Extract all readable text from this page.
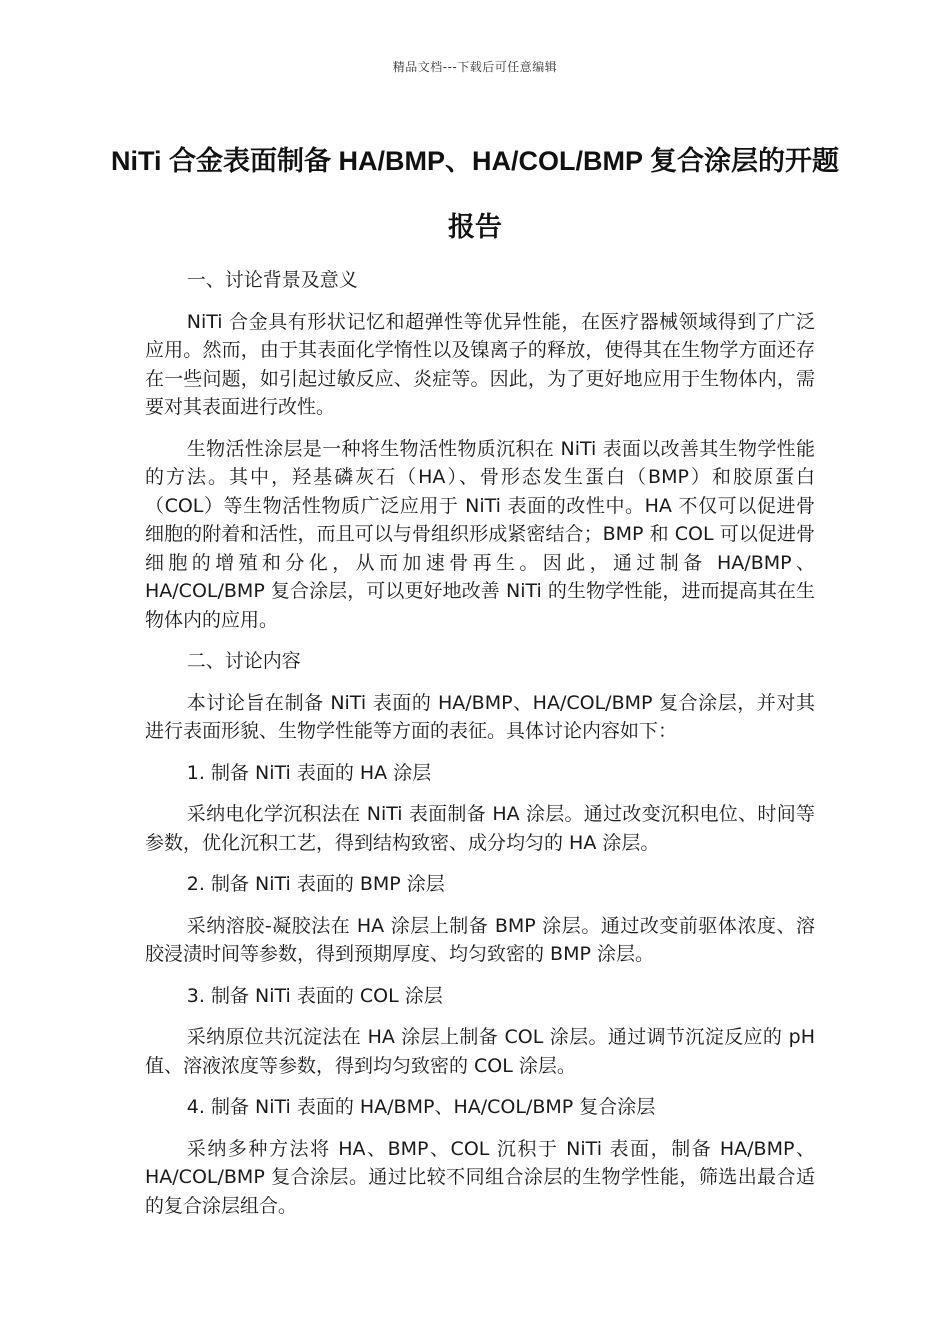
精品文档---下载后可任意编辑
NiTi 合金表面制备 HA/BMP、HA/COL/BMP 复合涂层的开题报告

一、讨论背景及意义

NiTi 合金具有形状记忆和超弹性等优异性能，在医疗器械领域得到了广泛应用。然而，由于其表面化学惰性以及镍离子的释放，使得其在生物学方面还存在一些问题，如引起过敏反应、炎症等。因此，为了更好地应用于生物体内，需要对其表面进行改性。

生物活性涂层是一种将生物活性物质沉积在 NiTi 表面以改善其生物学性能的方法。其中，羟基磷灰石（HA）、骨形态发生蛋白（BMP）和胶原蛋白（COL）等生物活性物质广泛应用于 NiTi 表面的改性中。HA 不仅可以促进骨细胞的附着和活性，而且可以与骨组织形成紧密结合；BMP 和 COL 可以促进骨细胞的增殖和分化，从而加速骨再生。因此，通过制备 HA/BMP、HA/COL/BMP 复合涂层，可以更好地改善 NiTi 的生物学性能，进而提高其在生物体内的应用。

二、讨论内容

本讨论旨在制备 NiTi 表面的 HA/BMP、HA/COL/BMP 复合涂层，并对其进行表面形貌、生物学性能等方面的表征。具体讨论内容如下：

1. 制备 NiTi 表面的 HA 涂层

采纳电化学沉积法在 NiTi 表面制备 HA 涂层。通过改变沉积电位、时间等参数，优化沉积工艺，得到结构致密、成分均匀的 HA 涂层。

2. 制备 NiTi 表面的 BMP 涂层

采纳溶胶-凝胶法在 HA 涂层上制备 BMP 涂层。通过改变前驱体浓度、溶胶浸渍时间等参数，得到预期厚度、均匀致密的 BMP 涂层。

3. 制备 NiTi 表面的 COL 涂层

采纳原位共沉淀法在 HA 涂层上制备 COL 涂层。通过调节沉淀反应的 pH 值、溶液浓度等参数，得到均匀致密的 COL 涂层。

4. 制备 NiTi 表面的 HA/BMP、HA/COL/BMP 复合涂层

采纳多种方法将 HA、BMP、COL 沉积于 NiTi 表面，制备 HA/BMP、HA/COL/BMP 复合涂层。通过比较不同组合涂层的生物学性能，筛选出最合适的复合涂层组合。
